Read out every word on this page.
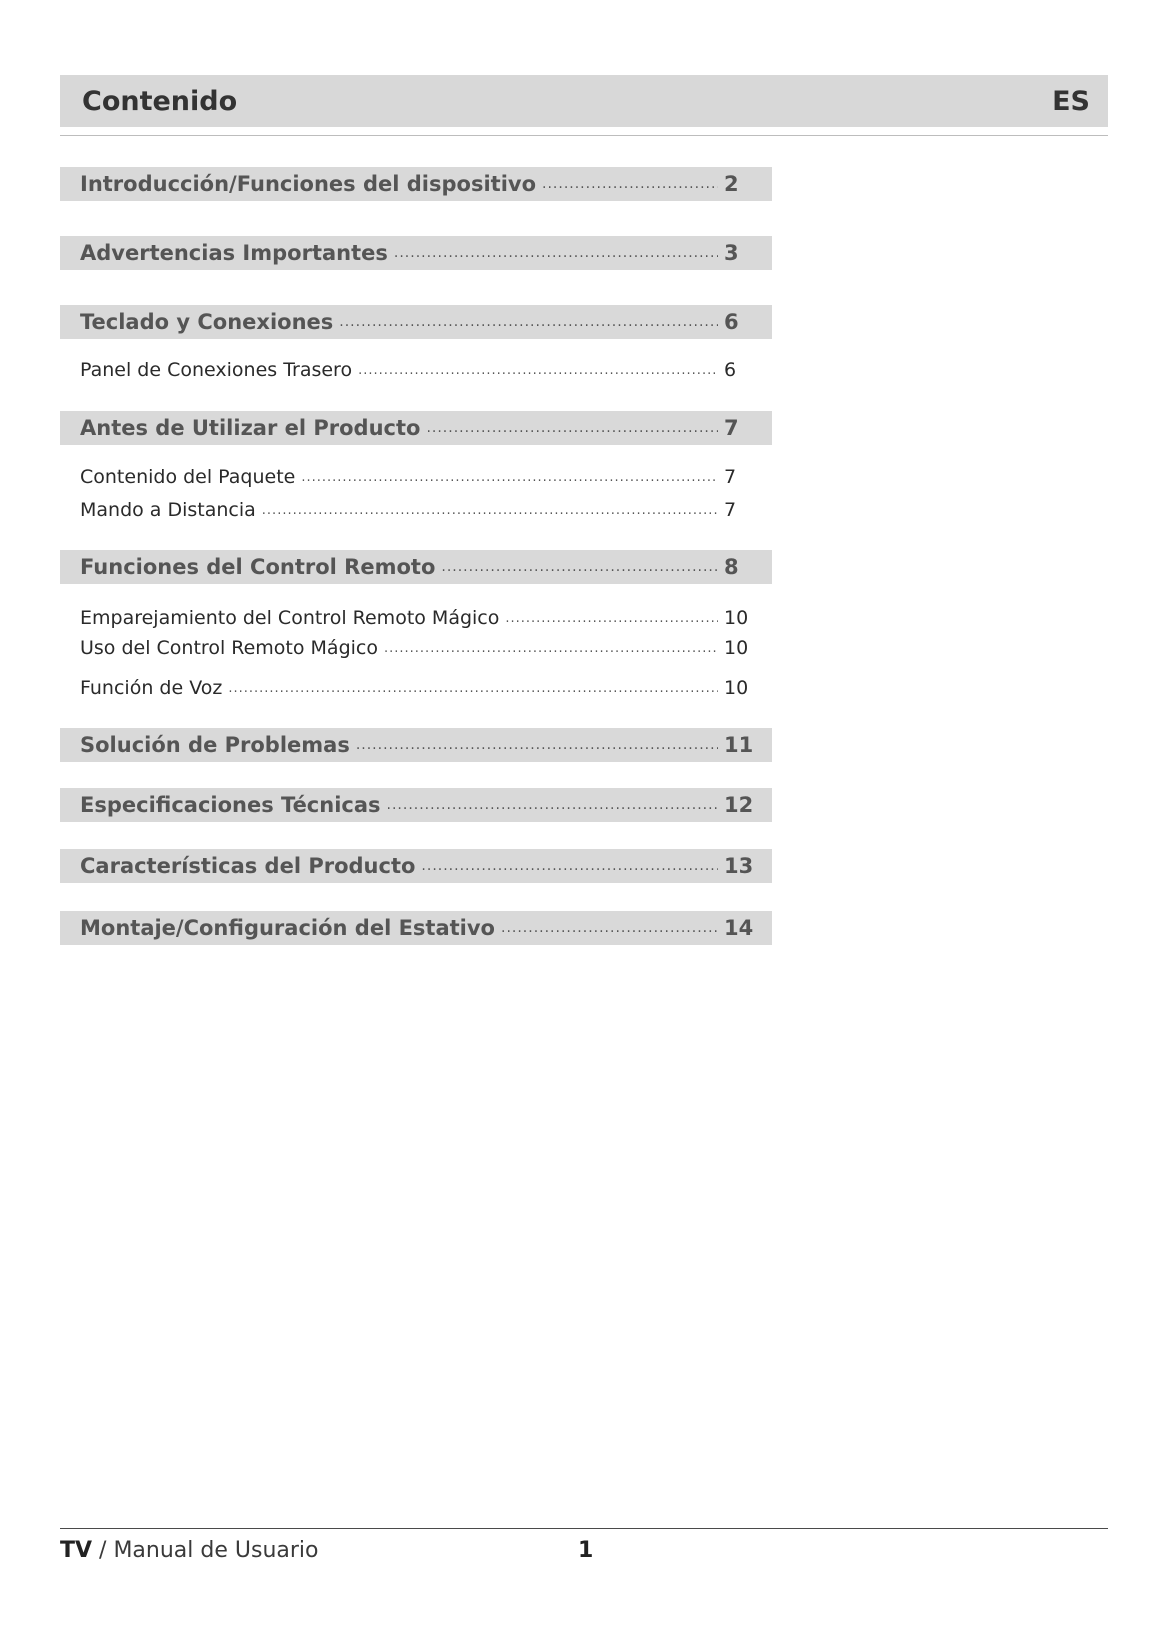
Contenido	ES
Introducción/Funciones del dispositivo .....	2
Advertencias Importantes .....	3
Teclado y Conexiones .....	6
Panel de Conexiones Trasero .....	6
Antes de Utilizar el Producto .....	7
Contenido del Paquete .....	7
Mando a Distancia .....	7
Funciones del Control Remoto .....	8
Emparejamiento del Control Remoto Mágico .....	10
Uso del Control Remoto Mágico .....	10
Función de Voz .....	10
Solución de Problemas .....	11
Especificaciones Técnicas .....	12
Características del Producto .....	13
Montaje/Configuración del Estativo .....	14
TV / Manual de Usuario	1
